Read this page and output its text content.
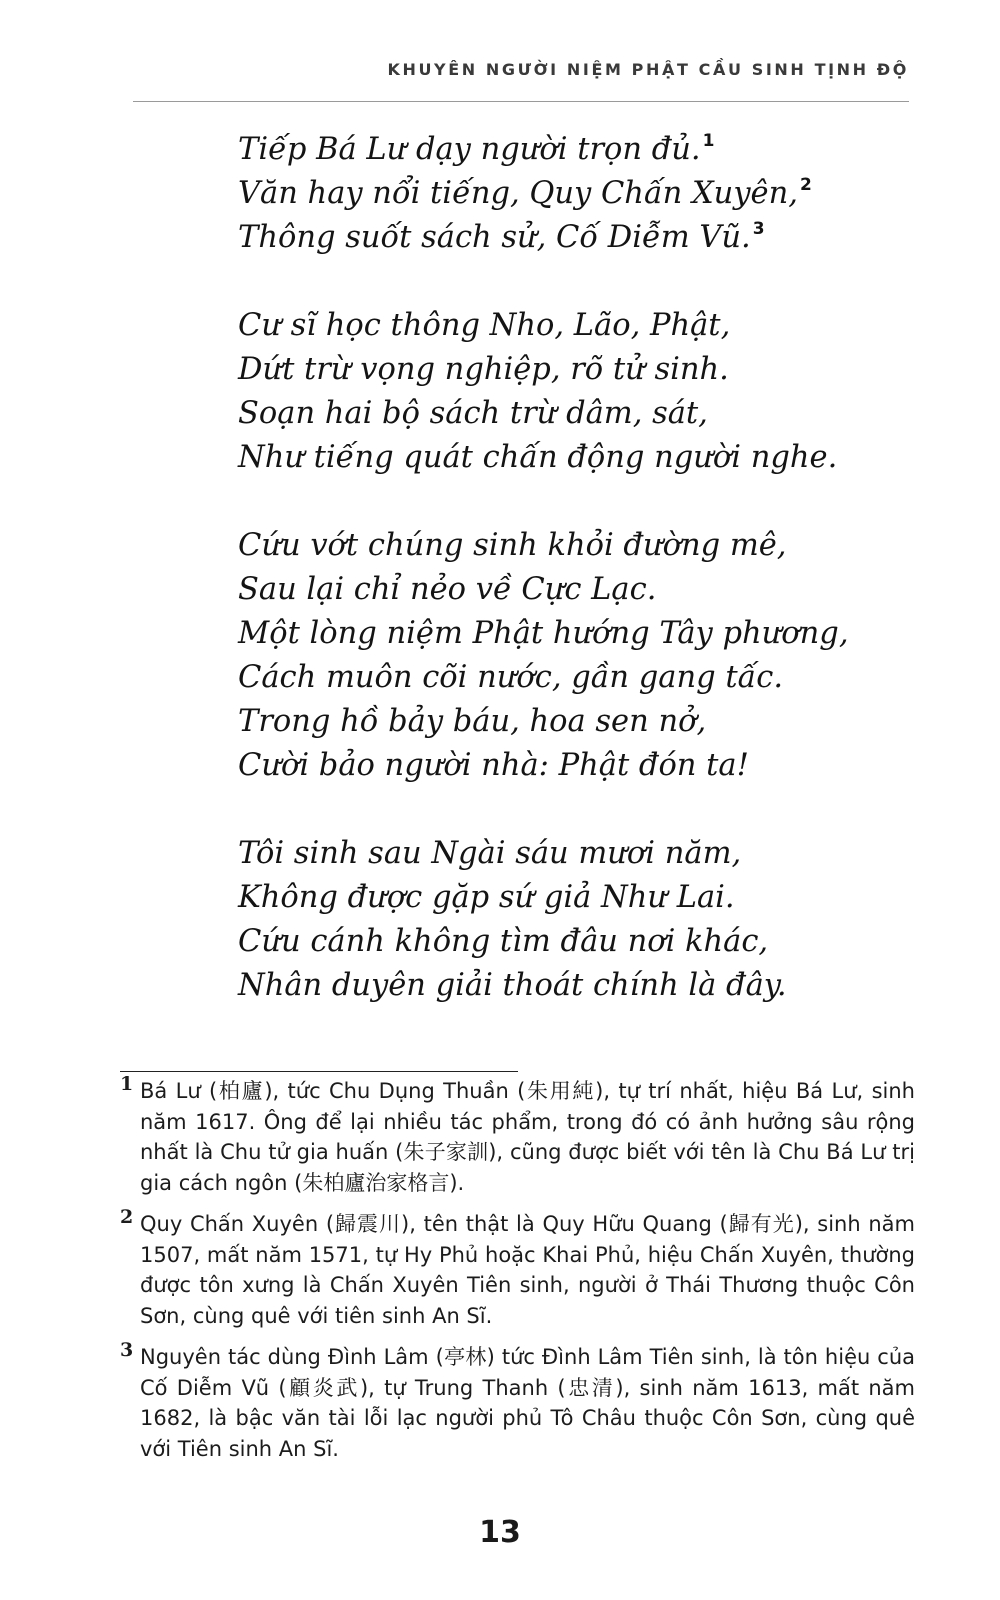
KHUYÊN NGƯỜI NIỆM PHẬT CẦU SINH TỊNH ĐỘ
Tiếp Bá Lư dạy người trọn đủ. $^1$
Văn hay nổi tiếng, Quy Chấn Xuyên, $^2$
Thông suốt sách sử, Cố Diễm Vũ. $^3$
Cư sĩ học thông Nho, Lão, Phật,
Dứt trừ vọng nghiệp, rõ tử sinh.
Soạn hai bộ sách trừ dâm, sát,
Như tiếng quát chấn động người nghe.
Cứu vớt chúng sinh khỏi đường mê,
Sau lại chỉ nẻo về Cực Lạc.
Một lòng niệm Phật hướng Tây phương,
Cách muôn cõi nước, gần gang tấc.
Trong hồ bảy báu, hoa sen nở,
Cười bảo người nhà: Phật đón ta!
Tôi sinh sau Ngài sáu mươi năm,
Không được gặp sứ giả Như Lai.
Cứu cánh không tìm đâu nơi khác,
Nhân duyên giải thoát chính là đây.
1 Bá Lư (柏廬), tức Chu Dụng Thuần (朱用純), tự trí nhất, hiệu Bá Lư, sinh năm 1617. Ông để lại nhiều tác phẩm, trong đó có ảnh hưởng sâu rộng nhất là Chu tử gia huấn (朱子家訓), cũng được biết với tên là Chu Bá Lư trị gia cách ngôn (朱柏廬治家格言).
2 Quy Chấn Xuyên (歸震川), tên thật là Quy Hữu Quang (歸有光), sinh năm 1507, mất năm 1571, tự Hy Phủ hoặc Khai Phủ, hiệu Chấn Xuyên, thường được tôn xưng là Chấn Xuyên Tiên sinh, người ở Thái Thương thuộc Côn Sơn, cùng quê với tiên sinh An Sĩ.
3 Nguyên tác dùng Đình Lâm (亭林) tức Đình Lâm Tiên sinh, là tôn hiệu của Cố Diễm Vũ (顧炎武), tự Trung Thanh (忠清), sinh năm 1613, mất năm 1682, là bậc văn tài lỗi lạc người phủ Tô Châu thuộc Côn Sơn, cùng quê với Tiên sinh An Sĩ.
13
